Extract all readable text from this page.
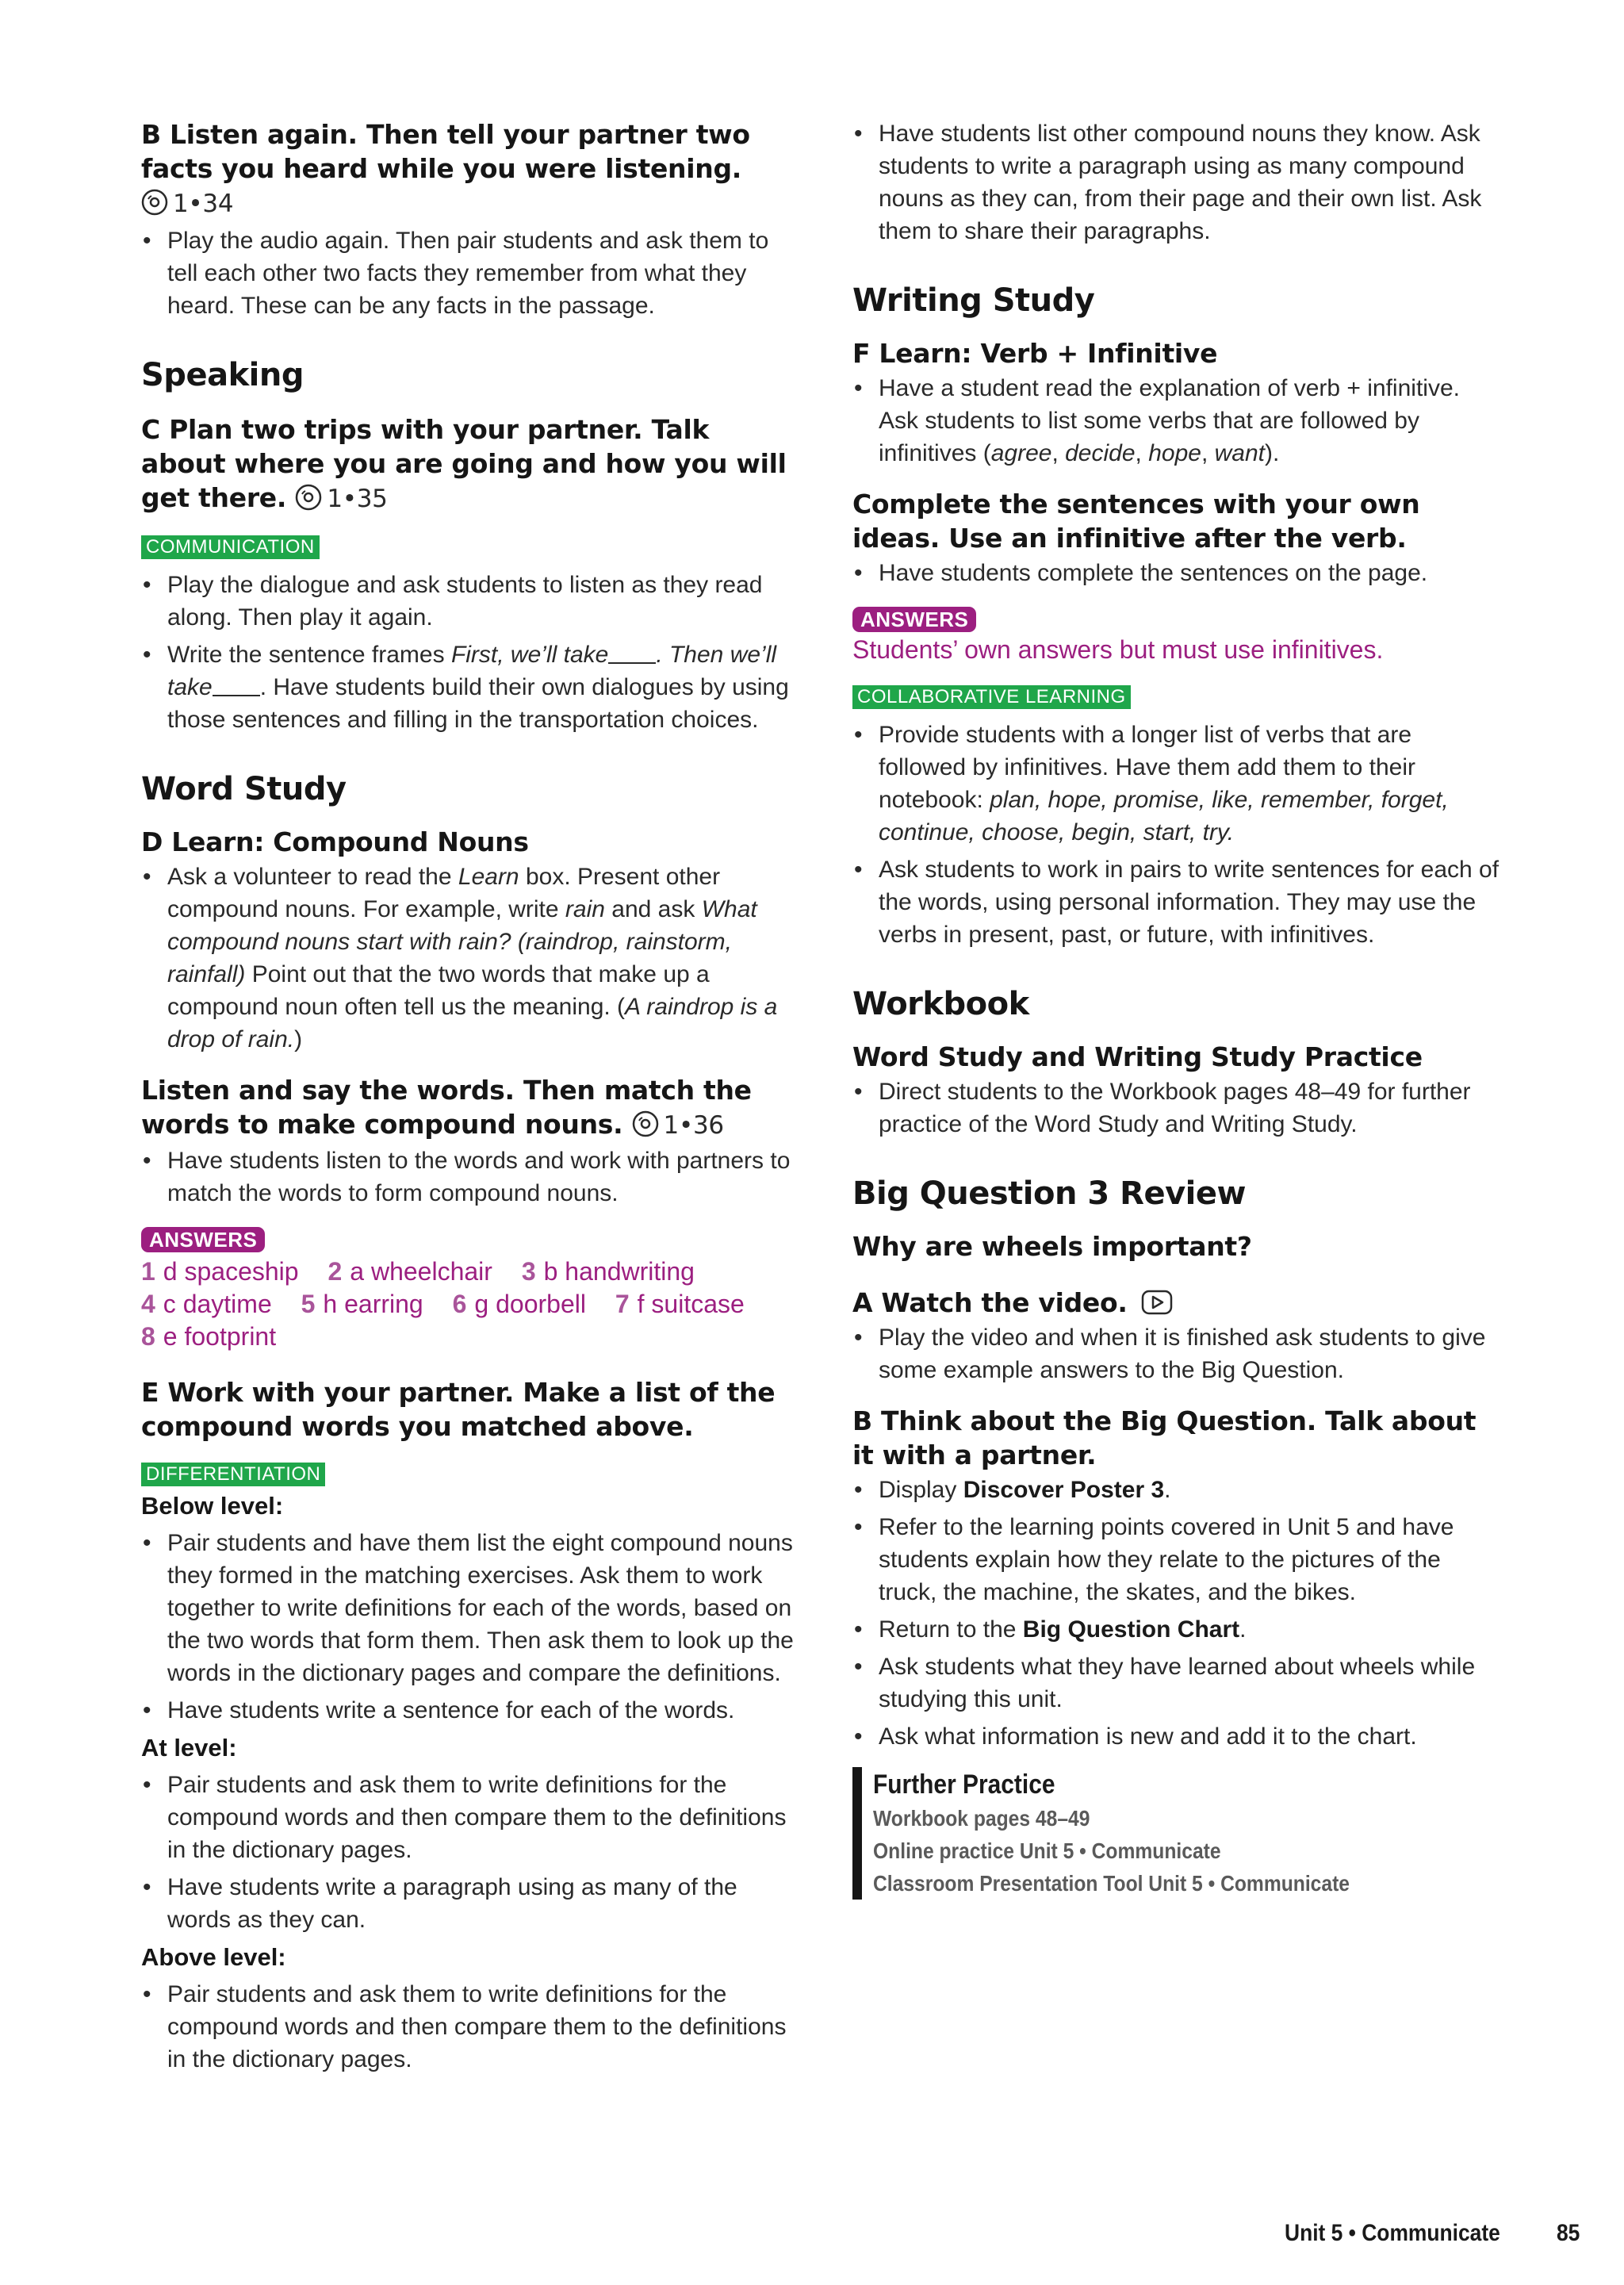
B Listen again. Then tell your partner two facts you heard while you were listening. 1•34
• Play the audio again. Then pair students and ask them to tell each other two facts they remember from what they heard. These can be any facts in the passage.
Speaking
C Plan two trips with your partner. Talk about where you are going and how you will get there. 1•35
COMMUNICATION
• Play the dialogue and ask students to listen as they read along. Then play it again.
• Write the sentence frames First, we’ll take . Then we’ll take . Have students build their own dialogues by using those sentences and filling in the transportation choices.
Word Study
D Learn: Compound Nouns
• Ask a volunteer to read the Learn box. Present other compound nouns. For example, write rain and ask What compound nouns start with rain? (raindrop, rainstorm, rainfall) Point out that the two words that make up a compound noun often tell us the meaning. (A raindrop is a drop of rain.)
Listen and say the words. Then match the words to make compound nouns. 1•36
• Have students listen to the words and work with partners to match the words to form compound nouns.
ANSWERS
1 d spaceship 2 a wheelchair 3 b handwriting
4 c daytime 5 h earring 6 g doorbell 7 f suitcase
8 e footprint
E Work with your partner. Make a list of the compound words you matched above.
DIFFERENTIATION
Below level:
• Pair students and have them list the eight compound nouns they formed in the matching exercises. Ask them to work together to write definitions for each of the words, based on the two words that form them. Then ask them to look up the words in the dictionary pages and compare the definitions.
• Have students write a sentence for each of the words.
At level:
• Pair students and ask them to write definitions for the compound words and then compare them to the definitions in the dictionary pages.
• Have students write a paragraph using as many of the words as they can.
Above level:
• Pair students and ask them to write definitions for the compound words and then compare them to the definitions in the dictionary pages.
• Have students list other compound nouns they know. Ask students to write a paragraph using as many compound nouns as they can, from their page and their own list. Ask them to share their paragraphs.
Writing Study
F Learn: Verb + Infinitive
• Have a student read the explanation of verb + infinitive. Ask students to list some verbs that are followed by infinitives (agree, decide, hope, want).
Complete the sentences with your own ideas. Use an infinitive after the verb.
• Have students complete the sentences on the page.
ANSWERS
Students’ own answers but must use infinitives.
COLLABORATIVE LEARNING
• Provide students with a longer list of verbs that are followed by infinitives. Have them add them to their notebook: plan, hope, promise, like, remember, forget, continue, choose, begin, start, try.
• Ask students to work in pairs to write sentences for each of the words, using personal information. They may use the verbs in present, past, or future, with infinitives.
Workbook
Word Study and Writing Study Practice
• Direct students to the Workbook pages 48–49 for further practice of the Word Study and Writing Study.
Big Question 3 Review
Why are wheels important?
A Watch the video.
• Play the video and when it is finished ask students to give some example answers to the Big Question.
B Think about the Big Question. Talk about it with a partner.
• Display Discover Poster 3.
• Refer to the learning points covered in Unit 5 and have students explain how they relate to the pictures of the truck, the machine, the skates, and the bikes.
• Return to the Big Question Chart.
• Ask students what they have learned about wheels while studying this unit.
• Ask what information is new and add it to the chart.
Further Practice
Workbook pages 48–49
Online practice Unit 5 • Communicate
Classroom Presentation Tool Unit 5 • Communicate
Unit 5 • Communicate 85
